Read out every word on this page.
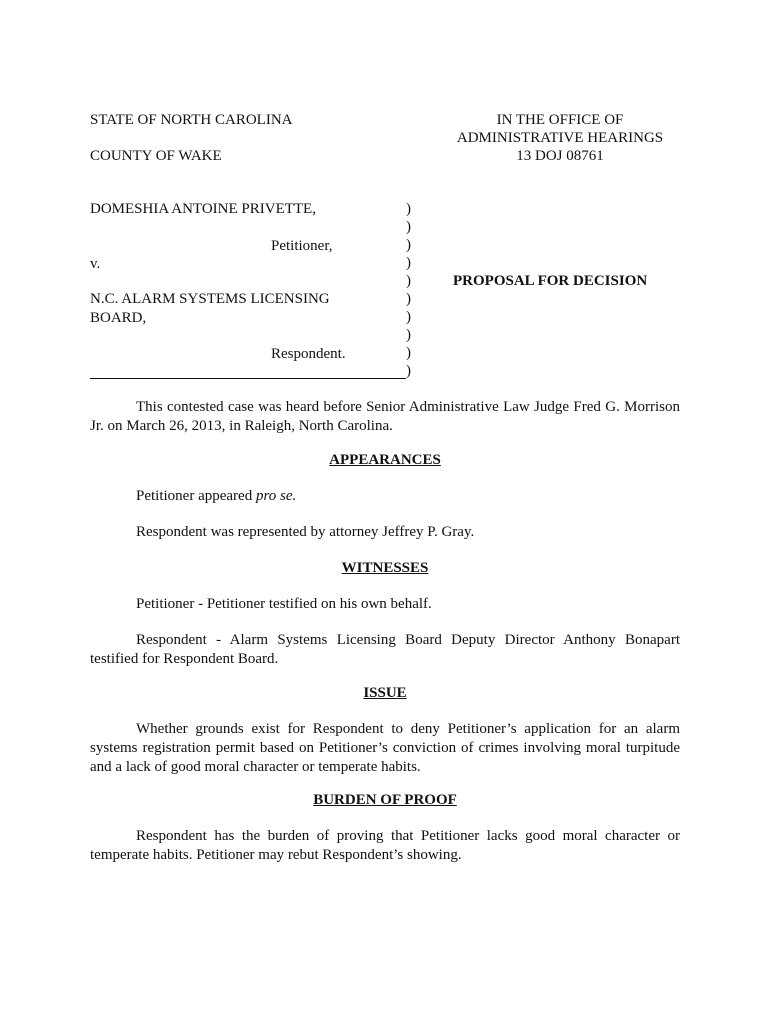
STATE OF NORTH CAROLINA
COUNTY OF WAKE
IN THE OFFICE OF
ADMINISTRATIVE HEARINGS
13 DOJ 08761
DOMESHIA ANTOINE PRIVETTE,
Petitioner,
v.
N.C. ALARM SYSTEMS LICENSING
BOARD,
Respondent.
)
)
)
)
)
)
)
)
)
)
PROPOSAL FOR DECISION
This contested case was heard before Senior Administrative Law Judge Fred G. Morrison Jr. on March 26, 2013, in Raleigh, North Carolina.
APPEARANCES
Petitioner appeared pro se.
Respondent was represented by attorney Jeffrey P. Gray.
WITNESSES
Petitioner - Petitioner testified on his own behalf.
Respondent - Alarm Systems Licensing Board Deputy Director Anthony Bonapart testified for Respondent Board.
ISSUE
Whether grounds exist for Respondent to deny Petitioner’s application for an alarm systems registration permit based on Petitioner’s conviction of crimes involving moral turpitude and a lack of good moral character or temperate habits.
BURDEN OF PROOF
Respondent has the burden of proving that Petitioner lacks good moral character or temperate habits. Petitioner may rebut Respondent’s showing.
